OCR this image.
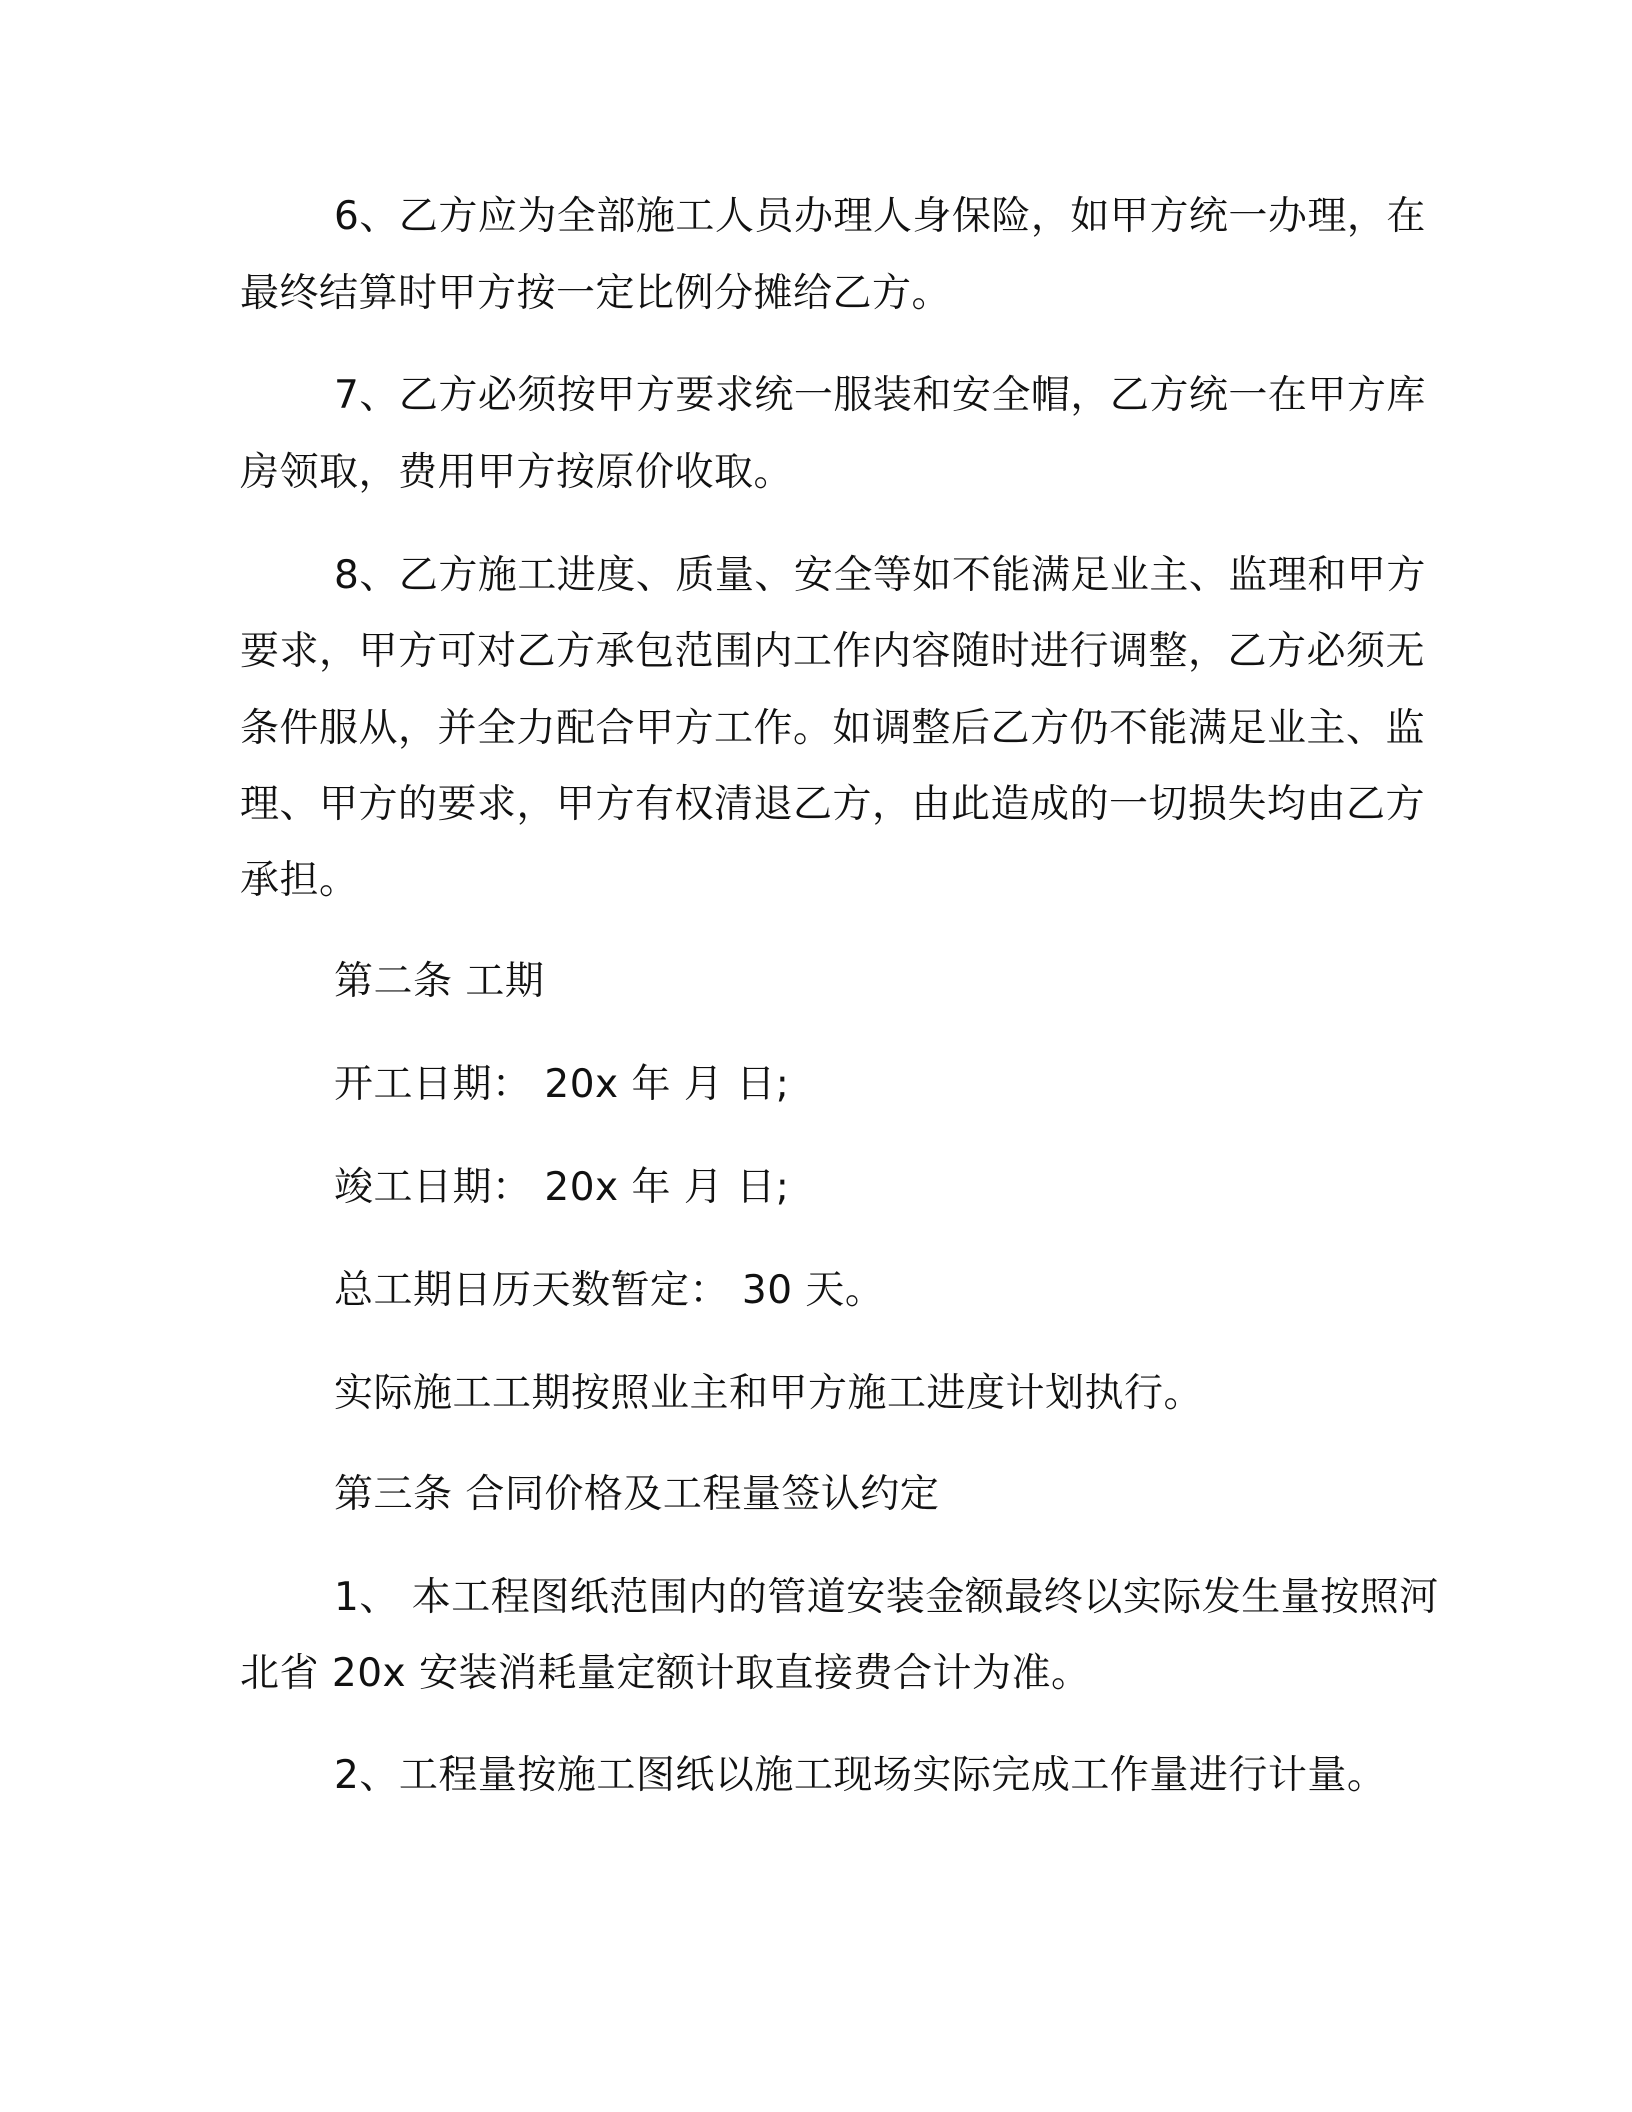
6、乙方应为全部施工人员办理人身保险，如甲方统一办理，在
最终结算时甲方按一定比例分摊给乙方。
7、乙方必须按甲方要求统一服装和安全帽，乙方统一在甲方库
房领取，费用甲方按原价收取。
8、乙方施工进度、质量、安全等如不能满足业主、监理和甲方
要求，甲方可对乙方承包范围内工作内容随时进行调整，乙方必须无
条件服从，并全力配合甲方工作。如调整后乙方仍不能满足业主、监
理、甲方的要求，甲方有权清退乙方，由此造成的一切损失均由乙方
承担。
第二条 工期
开工日期： 20x 年 月 日;
竣工日期： 20x 年 月 日;
总工期日历天数暂定： 30 天。
实际施工工期按照业主和甲方施工进度计划执行。
第三条 合同价格及工程量签认约定
1、 本工程图纸范围内的管道安装金额最终以实际发生量按照河
北省 20x 安装消耗量定额计取直接费合计为准。
2、工程量按施工图纸以施工现场实际完成工作量进行计量。
